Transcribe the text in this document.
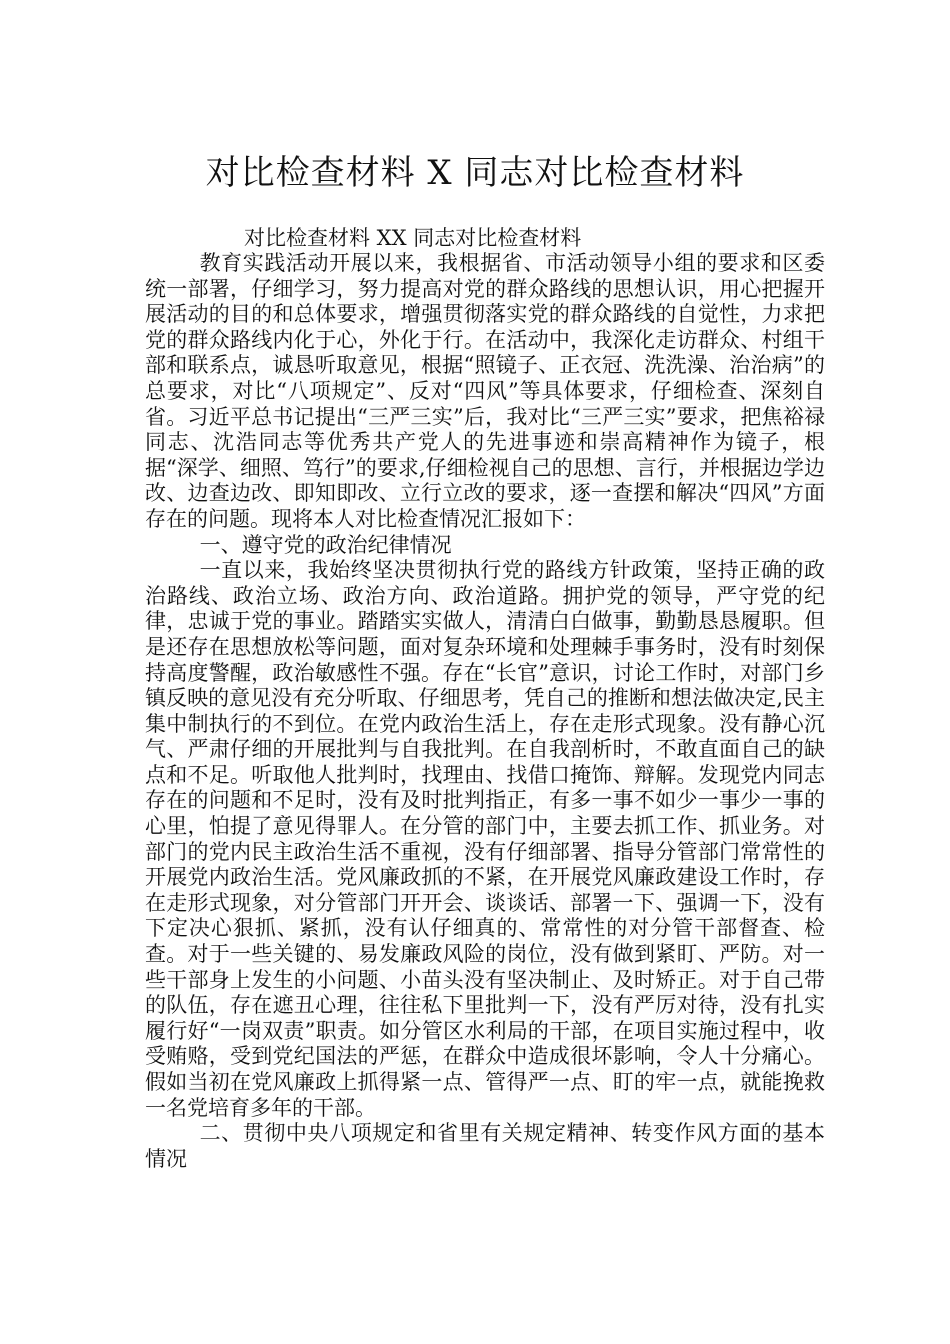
对比检查材料 X 同志对比检查材料
对比检查材料 XX 同志对比检查材料

教育实践活动开展以来，我根据省、市活动领导小组的要求和区委统一部署，仔细学习，努力提高对党的群众路线的思想认识，用心把握开展活动的目的和总体要求，增强贯彻落实党的群众路线的自觉性，力求把党的群众路线内化于心，外化于行。在活动中，我深化走访群众、村组干部和联系点，诚恳听取意见，根据“照镜子、正衣冠、洗洗澡、治治病”的总要求，对比“八项规定”、反对“四风”等具体要求，仔细检查、深刻自省。习近平总书记提出“三严三实”后，我对比“三严三实”要求，把焦裕禄同志、沈浩同志等优秀共产党人的先进事迹和崇高精神作为镜子，根据“深学、细照、笃行”的要求,仔细检视自己的思想、言行，并根据边学边改、边查边改、即知即改、立行立改的要求，逐一查摆和解决“四风”方面存在的问题。现将本人对比检查情况汇报如下：

一、遵守党的政治纪律情况

一直以来，我始终坚决贯彻执行党的路线方针政策，坚持正确的政治路线、政治立场、政治方向、政治道路。拥护党的领导，严守党的纪律，忠诚于党的事业。踏踏实实做人，清清白白做事，勤勤恳恳履职。但是还存在思想放松等问题，面对复杂环境和处理棘手事务时，没有时刻保持高度警醒，政治敏感性不强。存在“长官”意识，讨论工作时，对部门乡镇反映的意见没有充分听取、仔细思考，凭自己的推断和想法做决定,民主集中制执行的不到位。在党内政治生活上，存在走形式现象。没有静心沉气、严肃仔细的开展批判与自我批判。在自我剖析时，不敢直面自己的缺点和不足。听取他人批判时，找理由、找借口掩饰、辩解。发现党内同志存在的问题和不足时，没有及时批判指正，有多一事不如少一事少一事的心里，怕提了意见得罪人。在分管的部门中，主要去抓工作、抓业务。对部门的党内民主政治生活不重视，没有仔细部署、指导分管部门常常性的开展党内政治生活。党风廉政抓的不紧，在开展党风廉政建设工作时，存在走形式现象，对分管部门开开会、谈谈话、部署一下、强调一下，没有下定决心狠抓、紧抓，没有认仔细真的、常常性的对分管干部督查、检查。对于一些关键的、易发廉政风险的岗位，没有做到紧盯、严防。对一些干部身上发生的小问题、小苗头没有坚决制止、及时矫正。对于自己带的队伍，存在遮丑心理，往往私下里批判一下，没有严厉对待，没有扎实履行好“一岗双责”职责。如分管区水利局的干部，在项目实施过程中，收受贿赂，受到党纪国法的严惩，在群众中造成很坏影响，令人十分痛心。假如当初在党风廉政上抓得紧一点、管得严一点、盯的牢一点，就能挽救一名党培育多年的干部。

二、贯彻中央八项规定和省里有关规定精神、转变作风方面的基本情况
